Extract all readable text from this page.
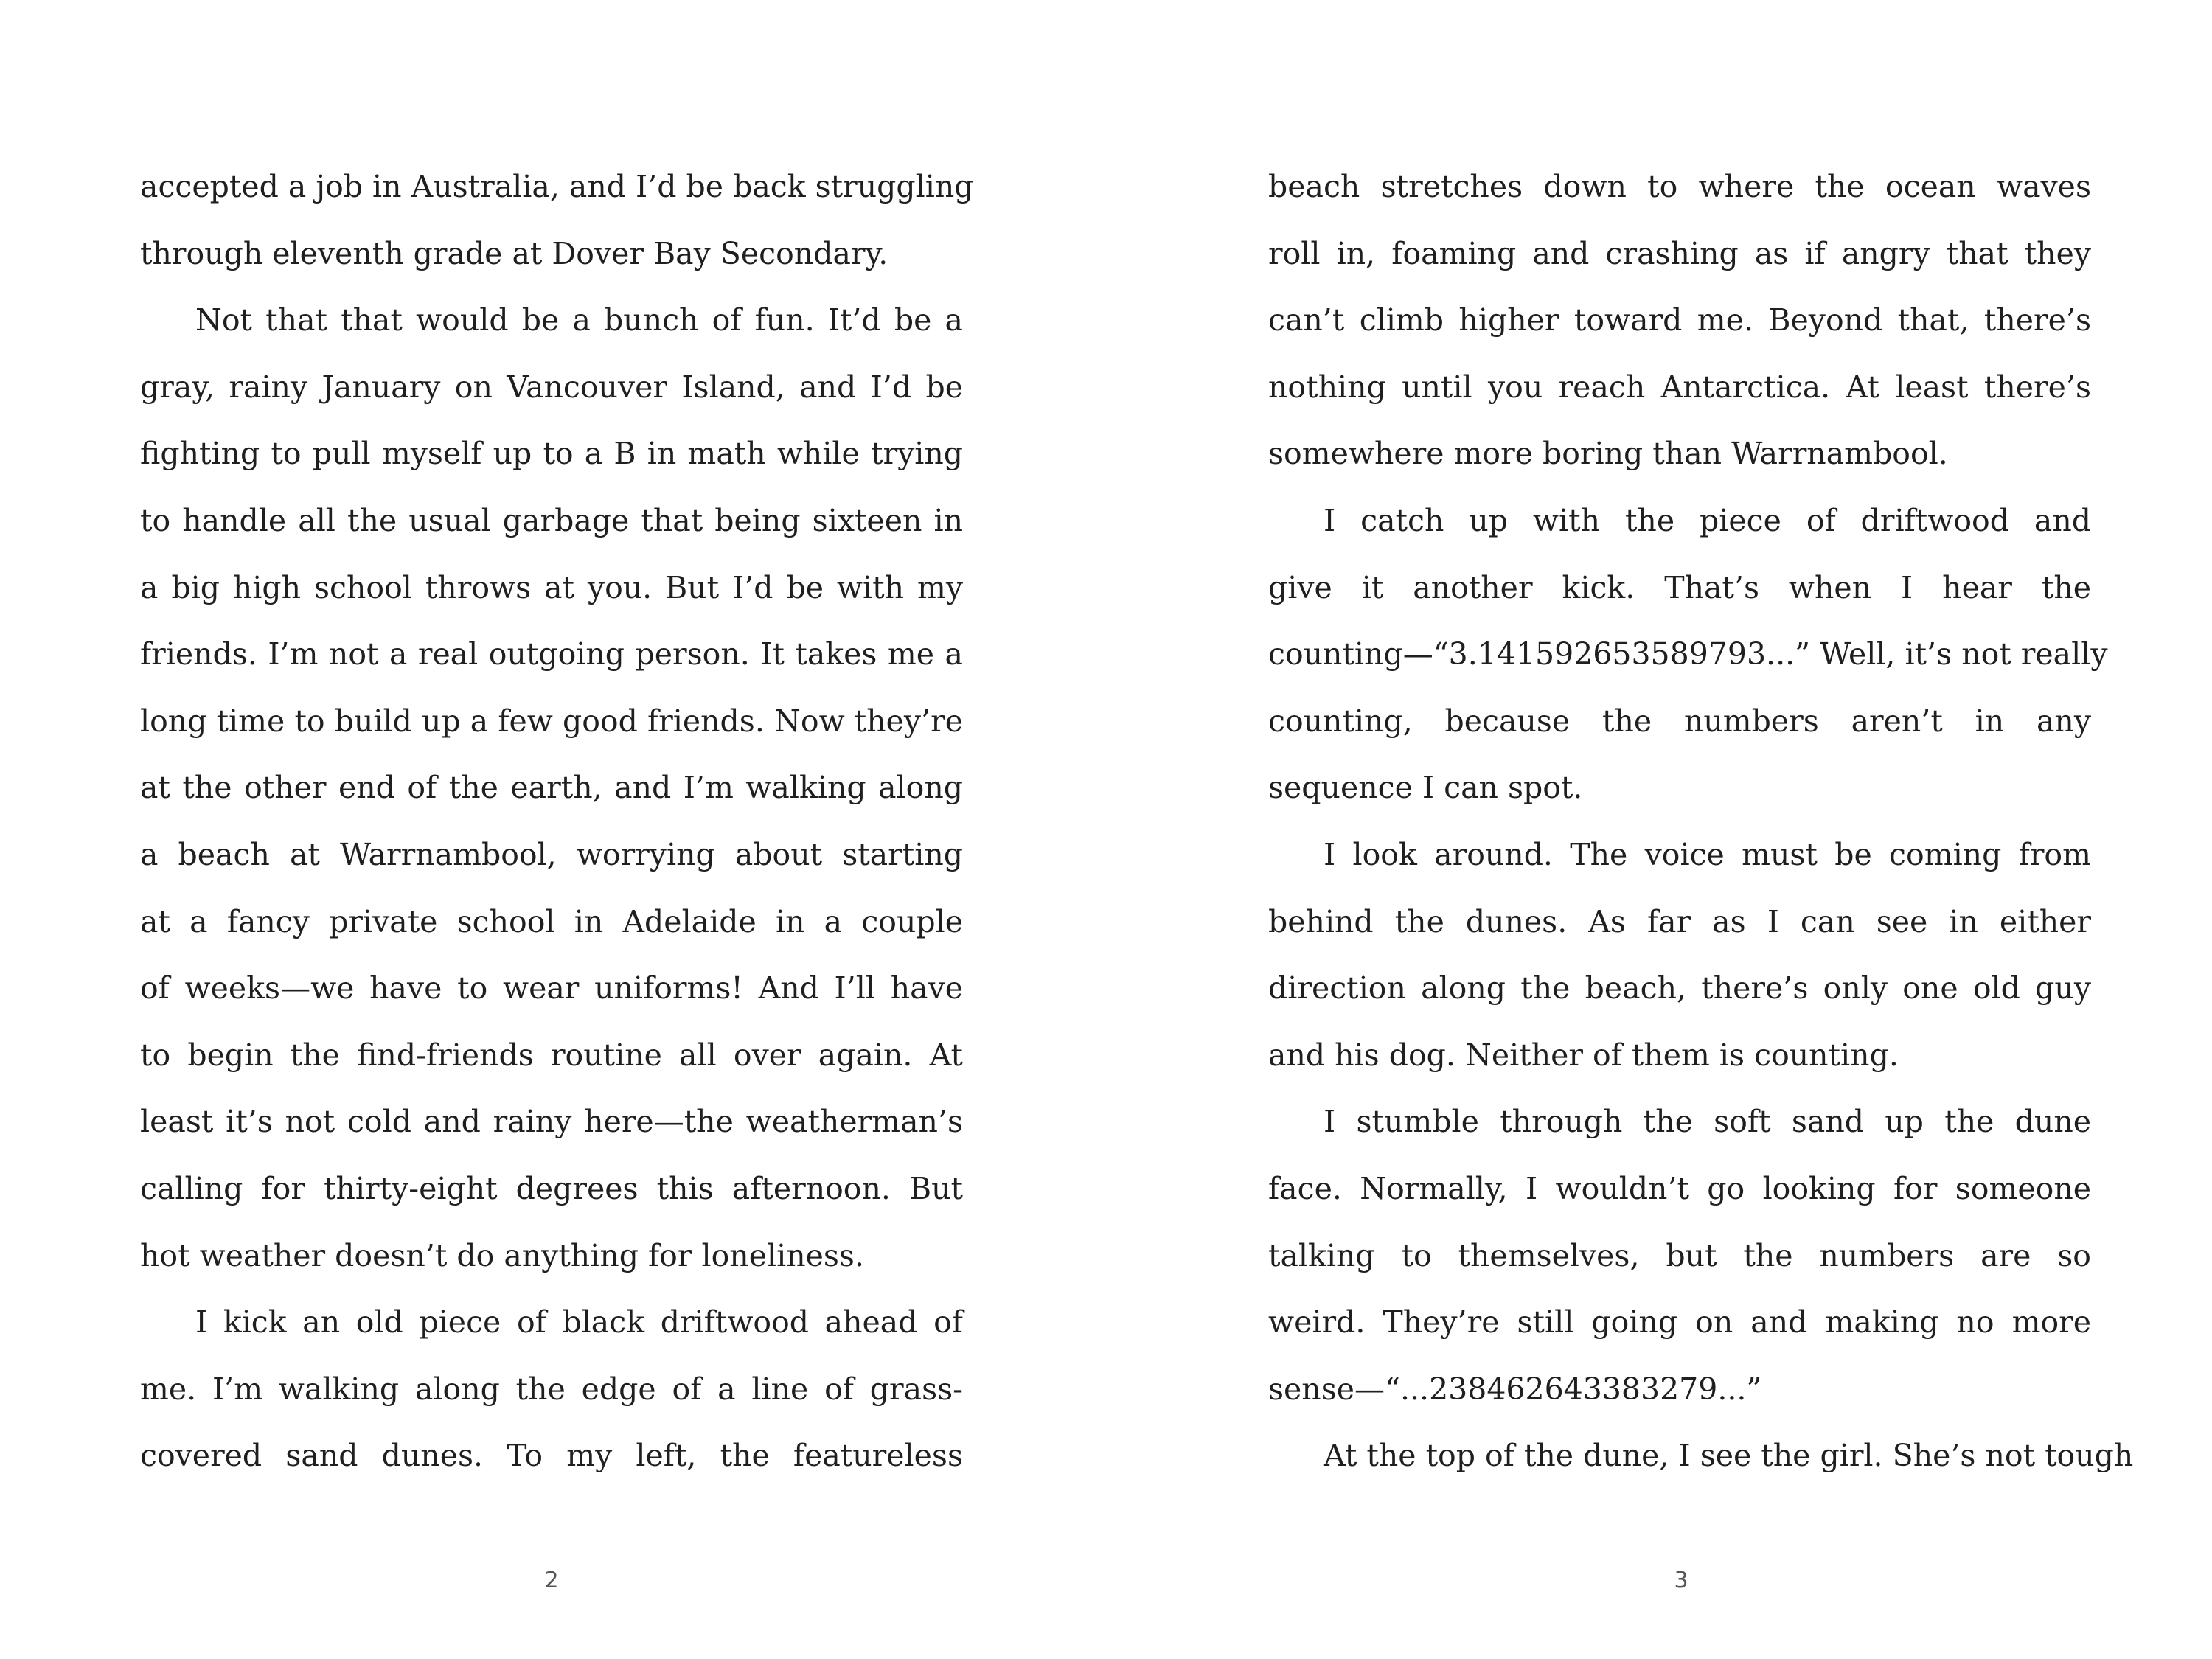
accepted a job in Australia, and I’d be back struggling
through eleventh grade at Dover Bay Secondary.
Not that that would be a bunch of fun. It’d be a
gray, rainy January on Vancouver Island, and I’d be
fighting to pull myself up to a B in math while trying
to handle all the usual garbage that being sixteen in
a big high school throws at you. But I’d be with my
friends. I’m not a real outgoing person. It takes me a
long time to build up a few good friends. Now they’re
at the other end of the earth, and I’m walking along
a beach at Warrnambool, worrying about starting
at a fancy private school in Adelaide in a couple
of weeks—we have to wear uniforms! And I’ll have
to begin the find-friends routine all over again. At
least it’s not cold and rainy here—the weatherman’s
calling for thirty-eight degrees this afternoon. But
hot weather doesn’t do anything for loneliness.
I kick an old piece of black driftwood ahead of
me. I’m walking along the edge of a line of grass-
covered sand dunes. To my left, the featureless
2
beach stretches down to where the ocean waves
roll in, foaming and crashing as if angry that they
can’t climb higher toward me. Beyond that, there’s
nothing until you reach Antarctica. At least there’s
somewhere more boring than Warrnambool.
I catch up with the piece of driftwood and
give it another kick. That’s when I hear the
counting—“3.141592653589793...” Well, it’s not really
counting, because the numbers aren’t in any
sequence I can spot.
I look around. The voice must be coming from
behind the dunes. As far as I can see in either
direction along the beach, there’s only one old guy
and his dog. Neither of them is counting.
I stumble through the soft sand up the dune
face. Normally, I wouldn’t go looking for someone
talking to themselves, but the numbers are so
weird. They’re still going on and making no more
sense—“...238462643383279...”
At the top of the dune, I see the girl. She’s not tough
3
